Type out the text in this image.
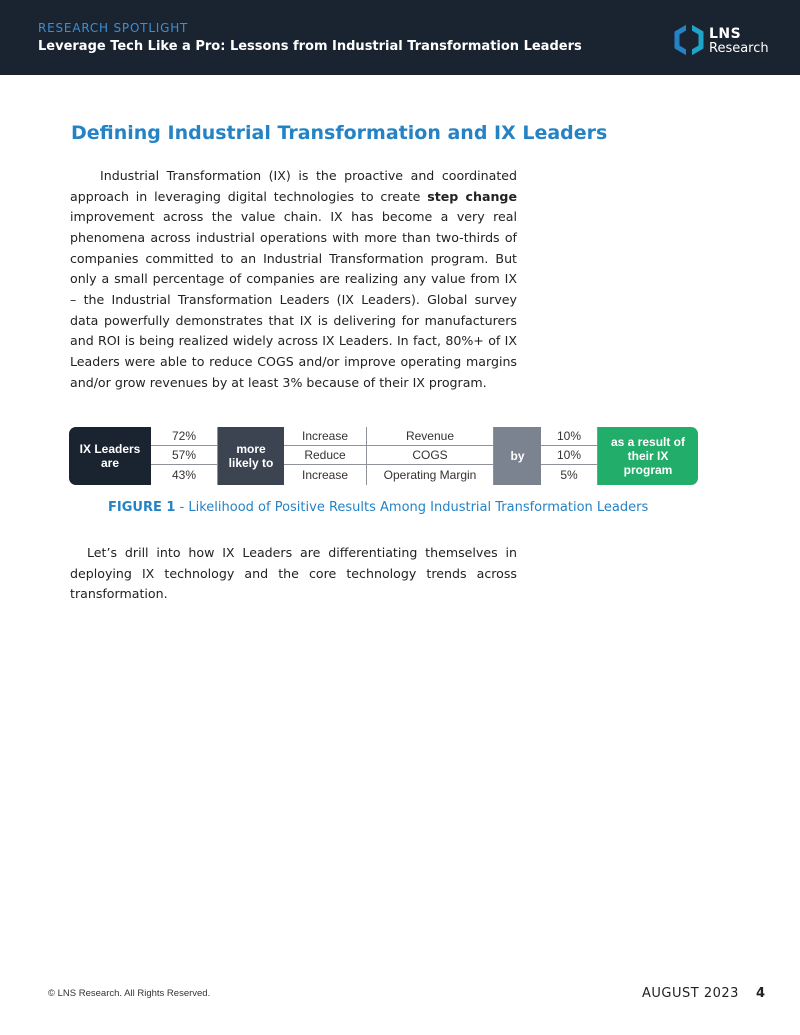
RESEARCH SPOTLIGHT
Leverage Tech Like a Pro: Lessons from Industrial Transformation Leaders
LNS
Research
Defining Industrial Transformation and IX Leaders
Industrial Transformation (IX) is the proactive and coordinated approach in leveraging digital technologies to create step change improvement across the value chain. IX has become a very real phenomena across industrial operations with more than two-thirds of companies committed to an Industrial Transformation program. But only a small percentage of companies are realizing any value from IX – the Industrial Transformation Leaders (IX Leaders). Global survey data powerfully demonstrates that IX is delivering for manufacturers and ROI is being realized widely across IX Leaders. In fact, 80%+ of IX Leaders were able to reduce COGS and/or improve operating margins and/or grow revenues by at least 3% because of their IX program.
IX Leaders are
72%
57%
43%
more likely to
Increase
Reduce
Increase
Revenue
COGS
Operating Margin
by
10%
10%
5%
as a result of their IX program
FIGURE 1 - Likelihood of Positive Results Among Industrial Transformation Leaders
Let’s drill into how IX Leaders are differentiating themselves in deploying IX technology and the core technology trends across transformation.
© LNS Research. All Rights Reserved.	AUGUST 2023 4
